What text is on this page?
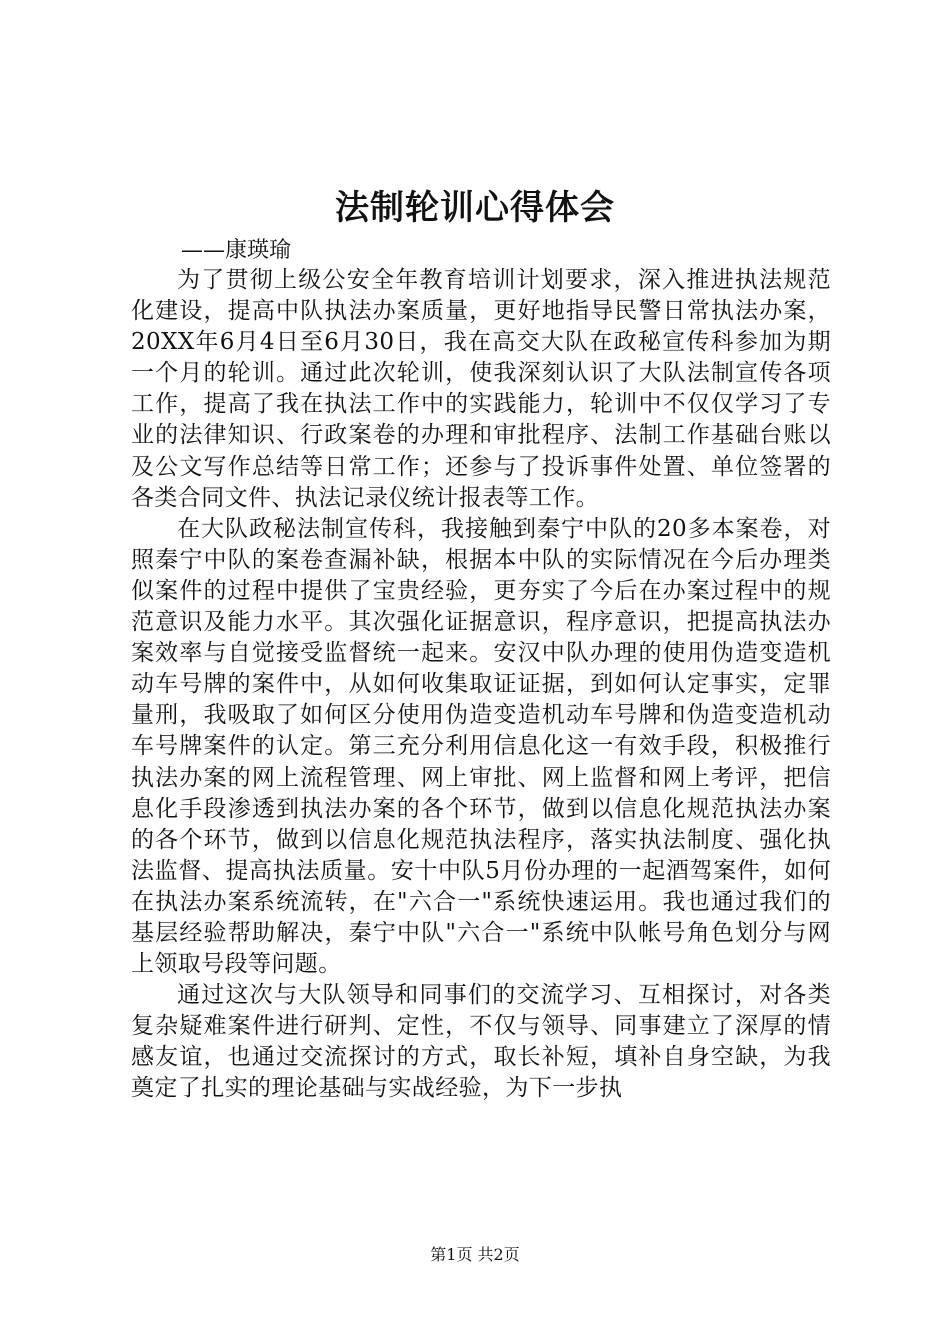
法制轮训心得体会

——康瑛瑜

为了贯彻上级公安全年教育培训计划要求，深入推进执法规范化建设，提高中队执法办案质量，更好地指导民警日常执法办案，20XX年6月4日至6月30日，我在高交大队在政秘宣传科参加为期一个月的轮训。通过此次轮训，使我深刻认识了大队法制宣传各项工作，提高了我在执法工作中的实践能力，轮训中不仅仅学习了专业的法律知识、行政案卷的办理和审批程序、法制工作基础台账以及公文写作总结等日常工作；还参与了投诉事件处置、单位签署的各类合同文件、执法记录仪统计报表等工作。

在大队政秘法制宣传科，我接触到秦宁中队的20多本案卷，对照秦宁中队的案卷查漏补缺，根据本中队的实际情况在今后办理类似案件的过程中提供了宝贵经验，更夯实了今后在办案过程中的规范意识及能力水平。其次强化证据意识，程序意识，把提高执法办案效率与自觉接受监督统一起来。安汉中队办理的使用伪造变造机动车号牌的案件中，从如何收集取证证据，到如何认定事实，定罪量刑，我吸取了如何区分使用伪造变造机动车号牌和伪造变造机动车号牌案件的认定。第三充分利用信息化这一有效手段，积极推行执法办案的网上流程管理、网上审批、网上监督和网上考评，把信息化手段渗透到执法办案的各个环节，做到以信息化规范执法办案的各个环节，做到以信息化规范执法程序，落实执法制度、强化执法监督、提高执法质量。安十中队5月份办理的一起酒驾案件，如何在执法办案系统流转，在"六合一"系统快速运用。我也通过我们的基层经验帮助解决，秦宁中队"六合一"系统中队帐号角色划分与网上领取号段等问题。

通过这次与大队领导和同事们的交流学习、互相探讨，对各类复杂疑难案件进行研判、定性，不仅与领导、同事建立了深厚的情感友谊，也通过交流探讨的方式，取长补短，填补自身空缺，为我奠定了扎实的理论基础与实战经验，为下一步执

第1页 共2页
